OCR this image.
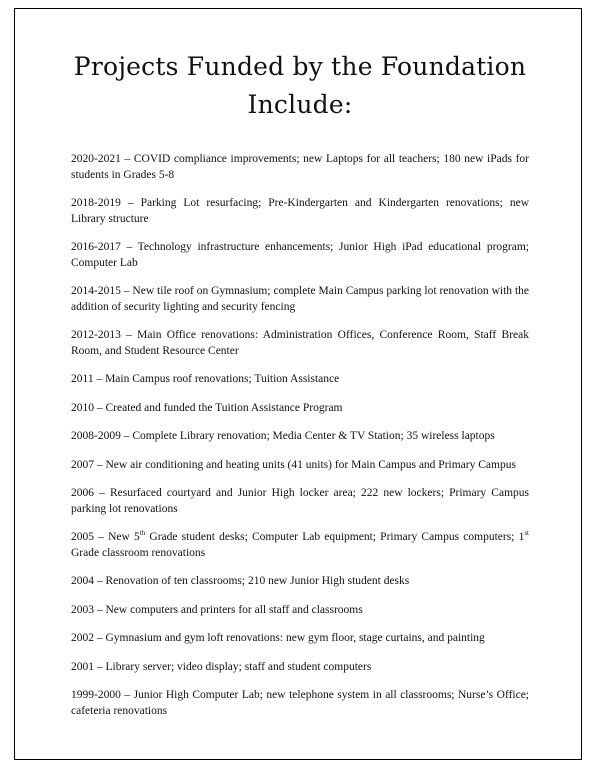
Projects Funded by the Foundation
Include:

2020-2021 – COVID compliance improvements; new Laptops for all teachers; 180 new iPads for students in Grades 5-8

2018-2019 – Parking Lot resurfacing; Pre-Kindergarten and Kindergarten renovations; new Library structure

2016-2017 – Technology infrastructure enhancements; Junior High iPad educational program; Computer Lab

2014-2015 – New tile roof on Gymnasium; complete Main Campus parking lot renovation with the addition of security lighting and security fencing

2012-2013 – Main Office renovations: Administration Offices, Conference Room, Staff Break Room, and Student Resource Center

2011 – Main Campus roof renovations; Tuition Assistance

2010 – Created and funded the Tuition Assistance Program

2008-2009 – Complete Library renovation; Media Center & TV Station; 35 wireless laptops

2007 – New air conditioning and heating units (41 units) for Main Campus and Primary Campus

2006 – Resurfaced courtyard and Junior High locker area; 222 new lockers; Primary Campus parking lot renovations

2005 – New 5th Grade student desks; Computer Lab equipment; Primary Campus computers; 1st Grade classroom renovations

2004 – Renovation of ten classrooms; 210 new Junior High student desks

2003 – New computers and printers for all staff and classrooms

2002 – Gymnasium and gym loft renovations: new gym floor, stage curtains, and painting

2001 – Library server; video display; staff and student computers

1999-2000 – Junior High Computer Lab; new telephone system in all classrooms; Nurse’s Office; cafeteria renovations
